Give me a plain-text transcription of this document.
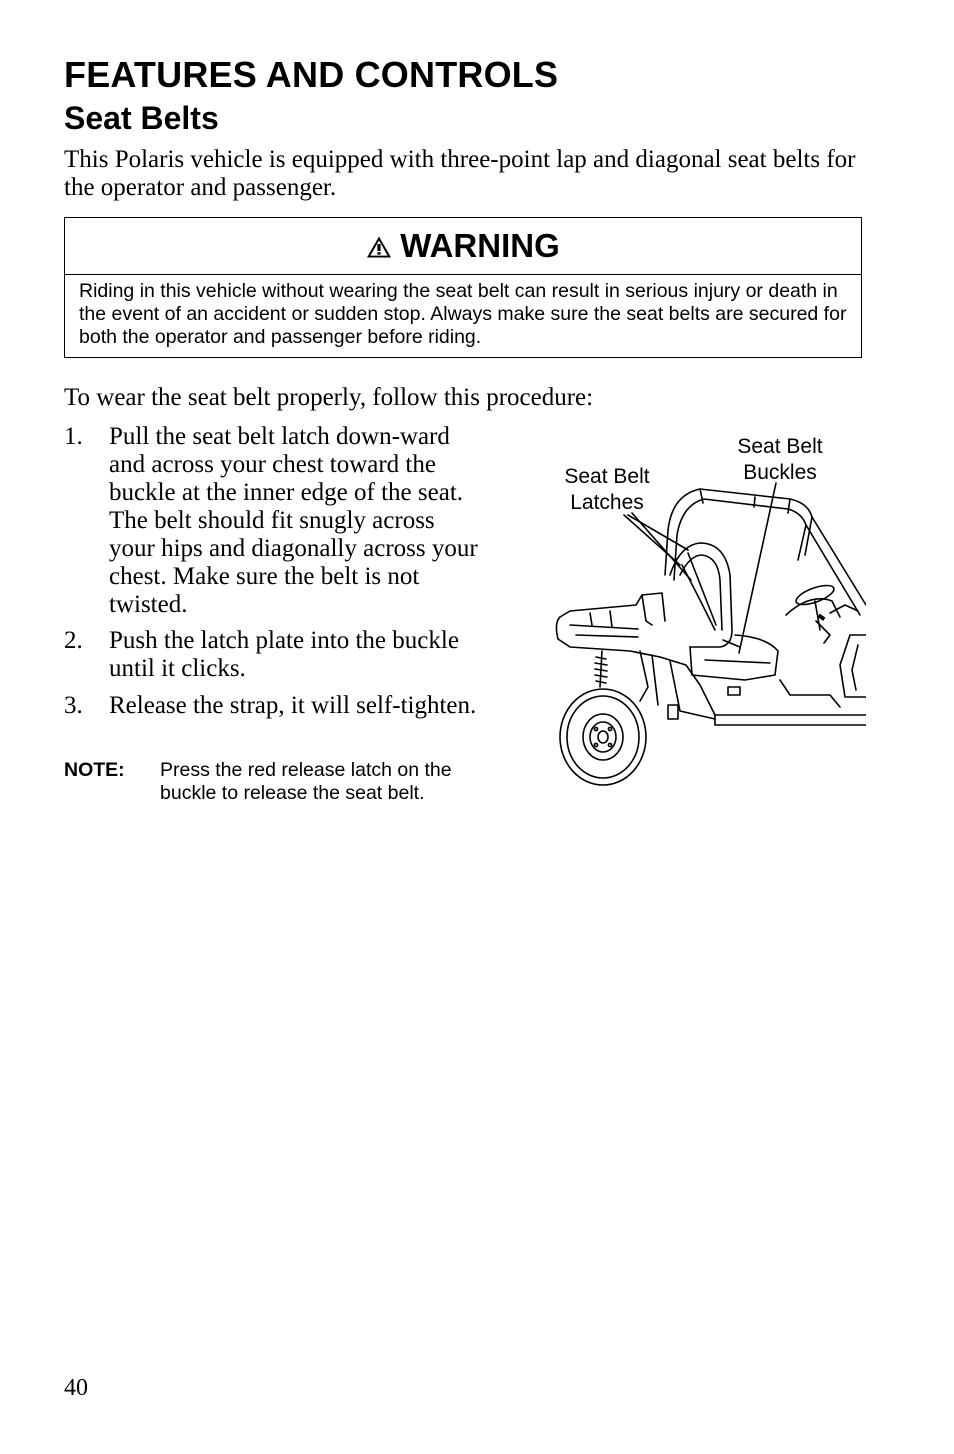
FEATURES AND CONTROLS
Seat Belts

This Polaris vehicle is equipped with three-point lap and diagonal seat belts for the operator and passenger.

WARNING

Riding in this vehicle without wearing the seat belt can result in serious injury or death in the event of an accident or sudden stop. Always make sure the seat belts are secured for both the operator and passenger before riding.

To wear the seat belt properly, follow this procedure:

1. Pull the seat belt latch down-ward and across your chest toward the buckle at the inner edge of the seat. The belt should fit snugly across your hips and diagonally across your chest. Make sure the belt is not twisted.
2. Push the latch plate into the buckle until it clicks.
3. Release the strap, it will self-tighten.
NOTE: Press the red release latch on the buckle to release the seat belt.
Seat Belt
Latches
Seat Belt
Buckles
40
